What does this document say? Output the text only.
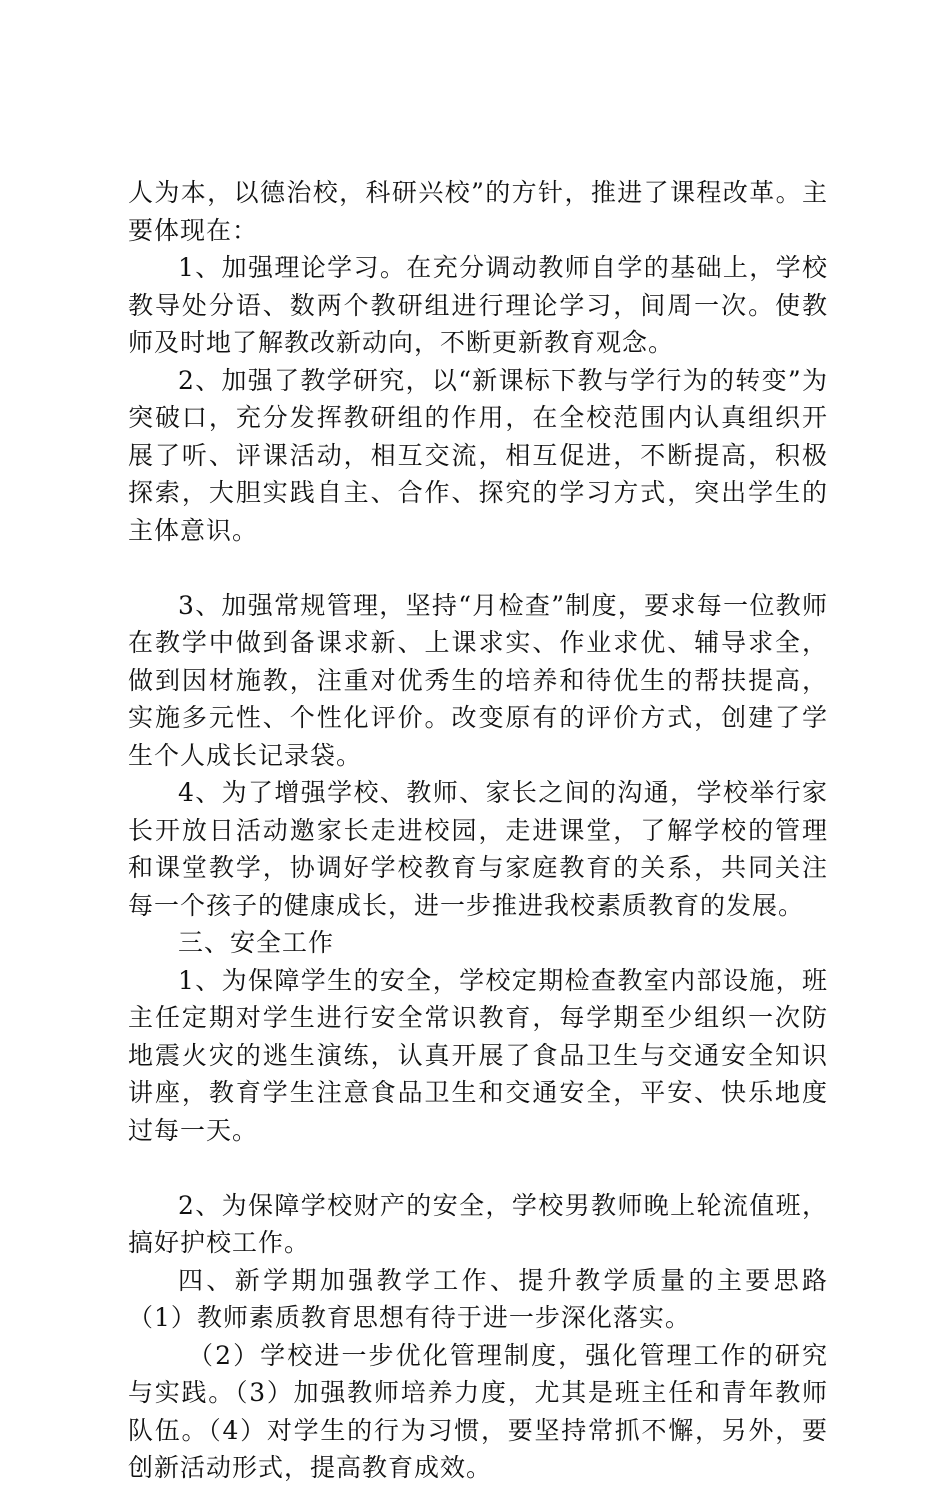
人为本，以德治校，科研兴校”的方针，推进了课程改革。主要体现在：

1、加强理论学习。在充分调动教师自学的基础上，学校教导处分语、数两个教研组进行理论学习，间周一次。使教师及时地了解教改新动向，不断更新教育观念。

2、加强了教学研究，以“新课标下教与学行为的转变”为突破口，充分发挥教研组的作用，在全校范围内认真组织开展了听、评课活动，相互交流，相互促进，不断提高，积极探索，大胆实践自主、合作、探究的学习方式，突出学生的主体意识。

3、加强常规管理，坚持“月检查”制度，要求每一位教师在教学中做到备课求新、上课求实、作业求优、辅导求全，做到因材施教，注重对优秀生的培养和待优生的帮扶提高，实施多元性、个性化评价。改变原有的评价方式，创建了学生个人成长记录袋。

4、为了增强学校、教师、家长之间的沟通，学校举行家长开放日活动邀家长走进校园，走进课堂，了解学校的管理和课堂教学，协调好学校教育与家庭教育的关系，共同关注每一个孩子的健康成长，进一步推进我校素质教育的发展。

三、安全工作

1、为保障学生的安全，学校定期检查教室内部设施，班主任定期对学生进行安全常识教育，每学期至少组织一次防地震火灾的逃生演练，认真开展了食品卫生与交通安全知识讲座，教育学生注意食品卫生和交通安全，平安、快乐地度过每一天。

2、为保障学校财产的安全，学校男教师晚上轮流值班，搞好护校工作。

四、新学期加强教学工作、提升教学质量的主要思路（1）教师素质教育思想有待于进一步深化落实。

（2）学校进一步优化管理制度，强化管理工作的研究与实践。（3）加强教师培养力度，尤其是班主任和青年教师队伍。（4）对学生的行为习惯，要坚持常抓不懈，另外，要创新活动形式，提高教育成效。
